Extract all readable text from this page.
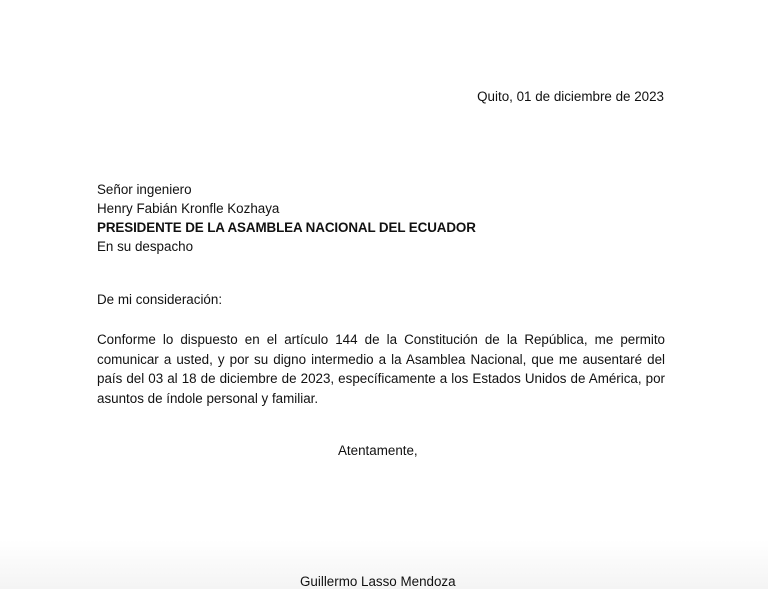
Quito, 01 de diciembre de 2023
Señor ingeniero
Henry Fabián Kronfle Kozhaya
PRESIDENTE DE LA ASAMBLEA NACIONAL DEL ECUADOR
En su despacho
De mi consideración:

Conforme lo dispuesto en el artículo 144 de la Constitución de la República, me permito comunicar a usted, y por su digno intermedio a la Asamblea Nacional, que me ausentaré del país del 03 al 18 de diciembre de 2023, específicamente a los Estados Unidos de América, por asuntos de índole personal y familiar.

Atentamente,
Guillermo Lasso Mendoza
